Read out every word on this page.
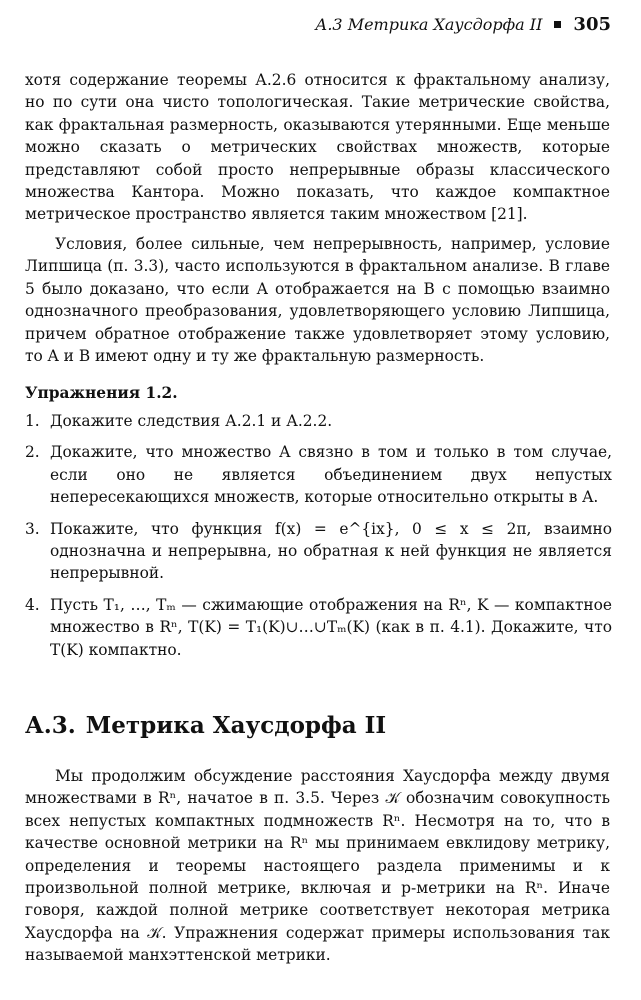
А.3 Метрика Хаусдорфа II 305

хотя содержание теоремы А.2.6 относится к фрактальному анализу, но по сути она чисто топологическая. Такие метрические свойства, как фрактальная размерность, оказываются утерянными. Еще меньше можно сказать о метрических свойствах множеств, которые представляют собой просто непрерывные образы классического множества Кантора. Можно показать, что каждое компактное метрическое пространство является таким множеством [21].

Условия, более сильные, чем непрерывность, например, условие Липшица (п. 3.3), часто используются в фрактальном анализе. В главе 5 было доказано, что если A отображается на B с помощью взаимно однозначного преобразования, удовлетворяющего условию Липшица, причем обратное отображение также удовлетворяет этому условию, то A и B имеют одну и ту же фрактальную размерность.

Упражнения 1.2.
1. Докажите следствия А.2.1 и А.2.2.
2. Докажите, что множество A связно в том и только в том случае, если оно не является объединением двух непустых непересекающихся множеств, которые относительно открыты в A.
3. Покажите, что функция f(x) = e^{ix}, 0 ≤ x ≤ 2π, взаимно однозначна и непрерывна, но обратная к ней функция не является непрерывной.
4. Пусть T₁, …, Tₘ — сжимающие отображения на Rⁿ, K — компактное множество в Rⁿ, T(K) = T₁(K)∪…∪Tₘ(K) (как в п. 4.1). Докажите, что T(K) компактно.
А.3. Метрика Хаусдорфа II

Мы продолжим обсуждение расстояния Хаусдорфа между двумя множествами в Rⁿ, начатое в п. 3.5. Через 𝒦 обозначим совокупность всех непустых компактных подмножеств Rⁿ. Несмотря на то, что в качестве основной метрики на Rⁿ мы принимаем евклидову метрику, определения и теоремы настоящего раздела применимы и к произвольной полной метрике, включая и p-метрики на Rⁿ. Иначе говоря, каждой полной метрике соответствует некоторая метрика Хаусдорфа на 𝒦. Упражнения содержат примеры использования так называемой манхэттенской метрики.
